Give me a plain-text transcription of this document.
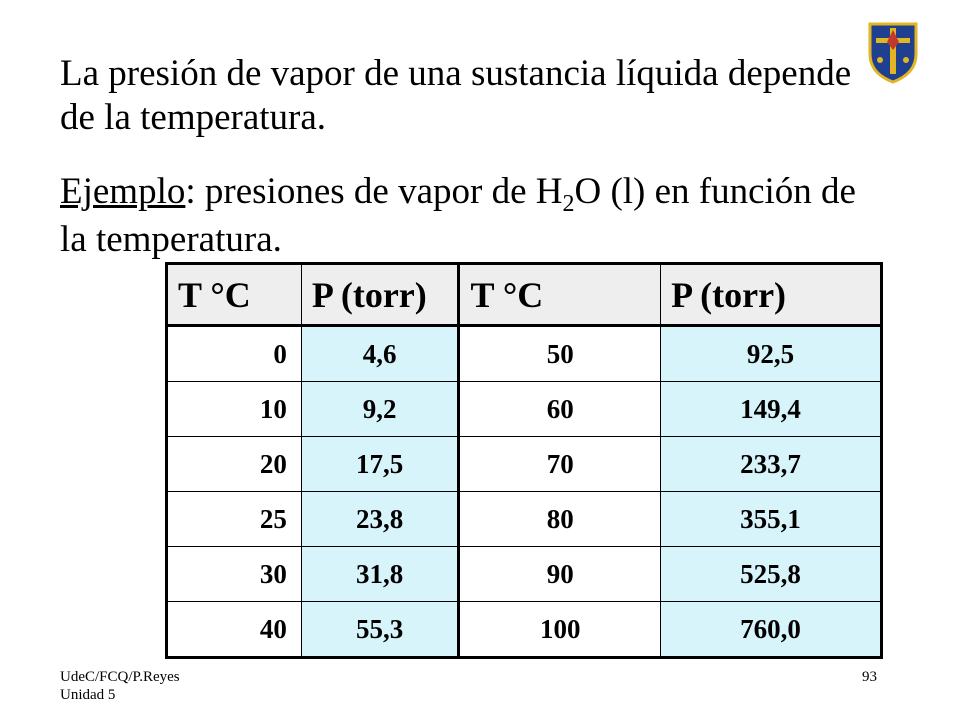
La presión de vapor de una sustancia líquida depende de la temperatura.

Ejemplo: presiones de vapor de $H_2O$ (l) en función de la temperatura.

T °C	P (torr)	T °C	P (torr)
0	4,6	50	92,5
10	9,2	60	149,4
20	17,5	70	233,7
25	23,8	80	355,1
30	31,8	90	525,8
40	55,3	100	760,0
UdeC/FCQ/P.Reyes
Unidad 5
93
